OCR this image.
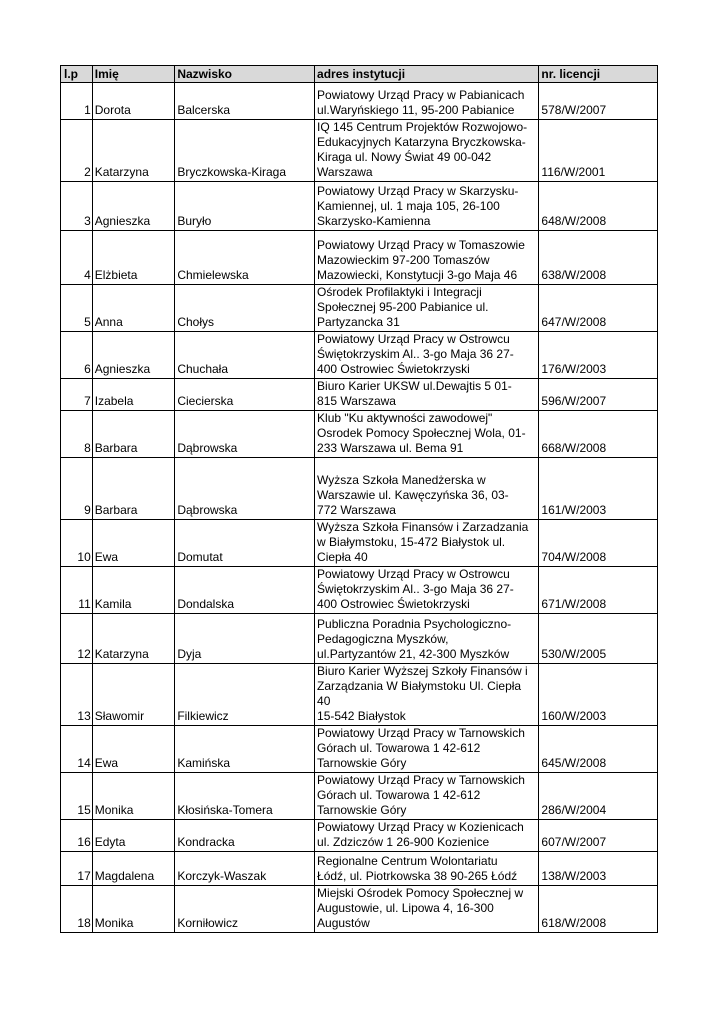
l.p	Imię	Nazwisko	adres instytucji	nr. licencji
1	Dorota	Balcerska	Powiatowy Urząd Pracy w Pabianicach
ul.Waryńskiego 11, 95-200 Pabianice	578/W/2007
2	Katarzyna	Bryczkowska-Kiraga	IQ 145 Centrum Projektów Rozwojowo-
Edukacyjnych Katarzyna Bryczkowska-
Kiraga ul. Nowy Świat 49 00-042
Warszawa	116/W/2001
3	Agnieszka	Buryło	Powiatowy Urząd Pracy w Skarzysku-
Kamiennej, ul. 1 maja 105, 26-100
Skarzysko-Kamienna	648/W/2008
4	Elżbieta	Chmielewska	Powiatowy Urząd Pracy w Tomaszowie
Mazowieckim 97-200 Tomaszów
Mazowiecki, Konstytucji 3-go Maja 46	638/W/2008
5	Anna	Chołys	Ośrodek Profilaktyki i Integracji
Społecznej 95-200 Pabianice ul.
Partyzancka 31	647/W/2008
6	Agnieszka	Chuchała	Powiatowy Urząd Pracy w Ostrowcu
Świętokrzyskim Al.. 3-go Maja 36 27-
400 Ostrowiec Świetokrzyski	176/W/2003
7	Izabela	Ciecierska	Biuro Karier UKSW ul.Dewajtis 5 01-
815 Warszawa	596/W/2007
8	Barbara	Dąbrowska	Klub "Ku aktywności zawodowej"
Osrodek Pomocy Społecznej Wola, 01-
233 Warszawa ul. Bema 91	668/W/2008
9	Barbara	Dąbrowska	Wyższa Szkoła Manedżerska w
Warszawie ul. Kawęczyńska 36, 03-
772 Warszawa	161/W/2003
10	Ewa	Domutat	Wyższa Szkoła Finansów i Zarzadzania
w Białymstoku, 15-472 Białystok ul.
Ciepła 40	704/W/2008
11	Kamila	Dondalska	Powiatowy Urząd Pracy w Ostrowcu
Świętokrzyskim Al.. 3-go Maja 36 27-
400 Ostrowiec Świetokrzyski	671/W/2008
12	Katarzyna	Dyja	Publiczna Poradnia Psychologiczno-
Pedagogiczna Myszków,
ul.Partyzantów 21, 42-300 Myszków	530/W/2005
13	Sławomir	Filkiewicz	Biuro Karier Wyższej Szkoły Finansów i
Zarządzania W Białymstoku Ul. Ciepła
40
15-542 Białystok	160/W/2003
14	Ewa	Kamińska	Powiatowy Urząd Pracy w Tarnowskich
Górach ul. Towarowa 1 42-612
Tarnowskie Góry	645/W/2008
15	Monika	Kłosińska-Tomera	Powiatowy Urząd Pracy w Tarnowskich
Górach ul. Towarowa 1 42-612
Tarnowskie Góry	286/W/2004
16	Edyta	Kondracka	Powiatowy Urząd Pracy w Kozienicach
ul. Zdziczów 1 26-900 Kozienice	607/W/2007
17	Magdalena	Korczyk-Waszak	Regionalne Centrum Wolontariatu
Łódź, ul. Piotrkowska 38 90-265 Łódź	138/W/2003
18	Monika	Korniłowicz	Miejski Ośrodek Pomocy Społecznej w
Augustowie, ul. Lipowa 4, 16-300
Augustów	618/W/2008
